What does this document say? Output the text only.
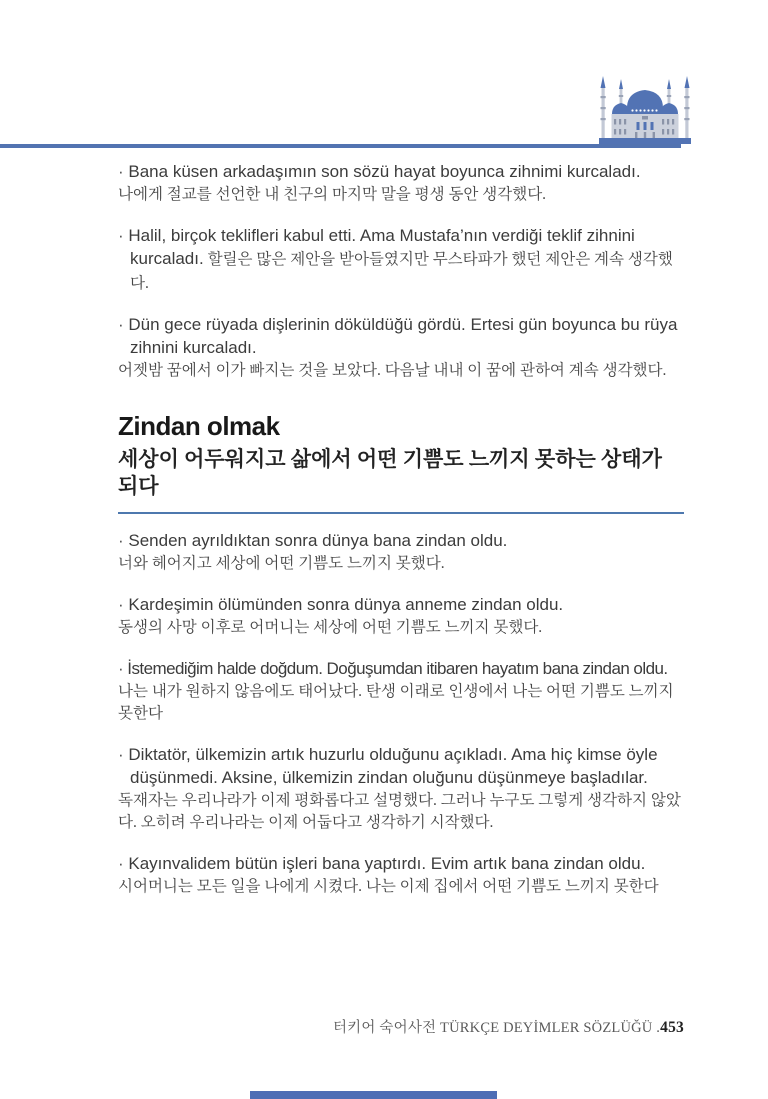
· Bana küsen arkadaşımın son sözü hayat boyunca zihnimi kurcaladı.

나에게 절교를 선언한 내 친구의 마지막 말을 평생 동안 생각했다.

· Halil, birçok teklifleri kabul etti. Ama Mustafa’nın verdiği teklif zihnini kurcaladı. 할릴은 많은 제안을 받아들였지만 무스타파가 했던 제안은 계속 생각했다.

· Dün gece rüyada dişlerinin döküldüğü gördü. Ertesi gün boyunca bu rüya zihnini kurcaladı.

어젯밤 꿈에서 이가 빠지는 것을 보았다. 다음날 내내 이 꿈에 관하여 계속 생각했다.

Zindan olmak

세상이 어두워지고 삶에서 어떤 기쁨도 느끼지 못하는 상태가 되다

· Senden ayrıldıktan sonra dünya bana zindan oldu.

너와 헤어지고 세상에 어떤 기쁨도 느끼지 못했다.

· Kardeşimin ölümünden sonra dünya anneme zindan oldu.

동생의 사망 이후로 어머니는 세상에 어떤 기쁨도 느끼지 못했다.

· İstemediğim halde doğdum. Doğuşumdan itibaren hayatım bana zindan oldu.

나는 내가 원하지 않음에도 태어났다. 탄생 이래로 인생에서 나는 어떤 기쁨도 느끼지 못한다

· Diktatör, ülkemizin artık huzurlu olduğunu açıkladı. Ama hiç kimse öyle düşünmedi. Aksine, ülkemizin zindan oluğunu düşünmeye başladılar.

독재자는 우리나라가 이제 평화롭다고 설명했다. 그러나 누구도 그렇게 생각하지 않았다. 오히려 우리나라는 이제 어둡다고 생각하기 시작했다.

· Kayınvalidem bütün işleri bana yaptırdı. Evim artık bana zindan oldu.

시어머니는 모든 일을 나에게 시켰다. 나는 이제 집에서 어떤 기쁨도 느끼지 못한다

터키어 숙어사전 TÜRKÇE DEYİMLER SÖZLÜĞÜ .453
